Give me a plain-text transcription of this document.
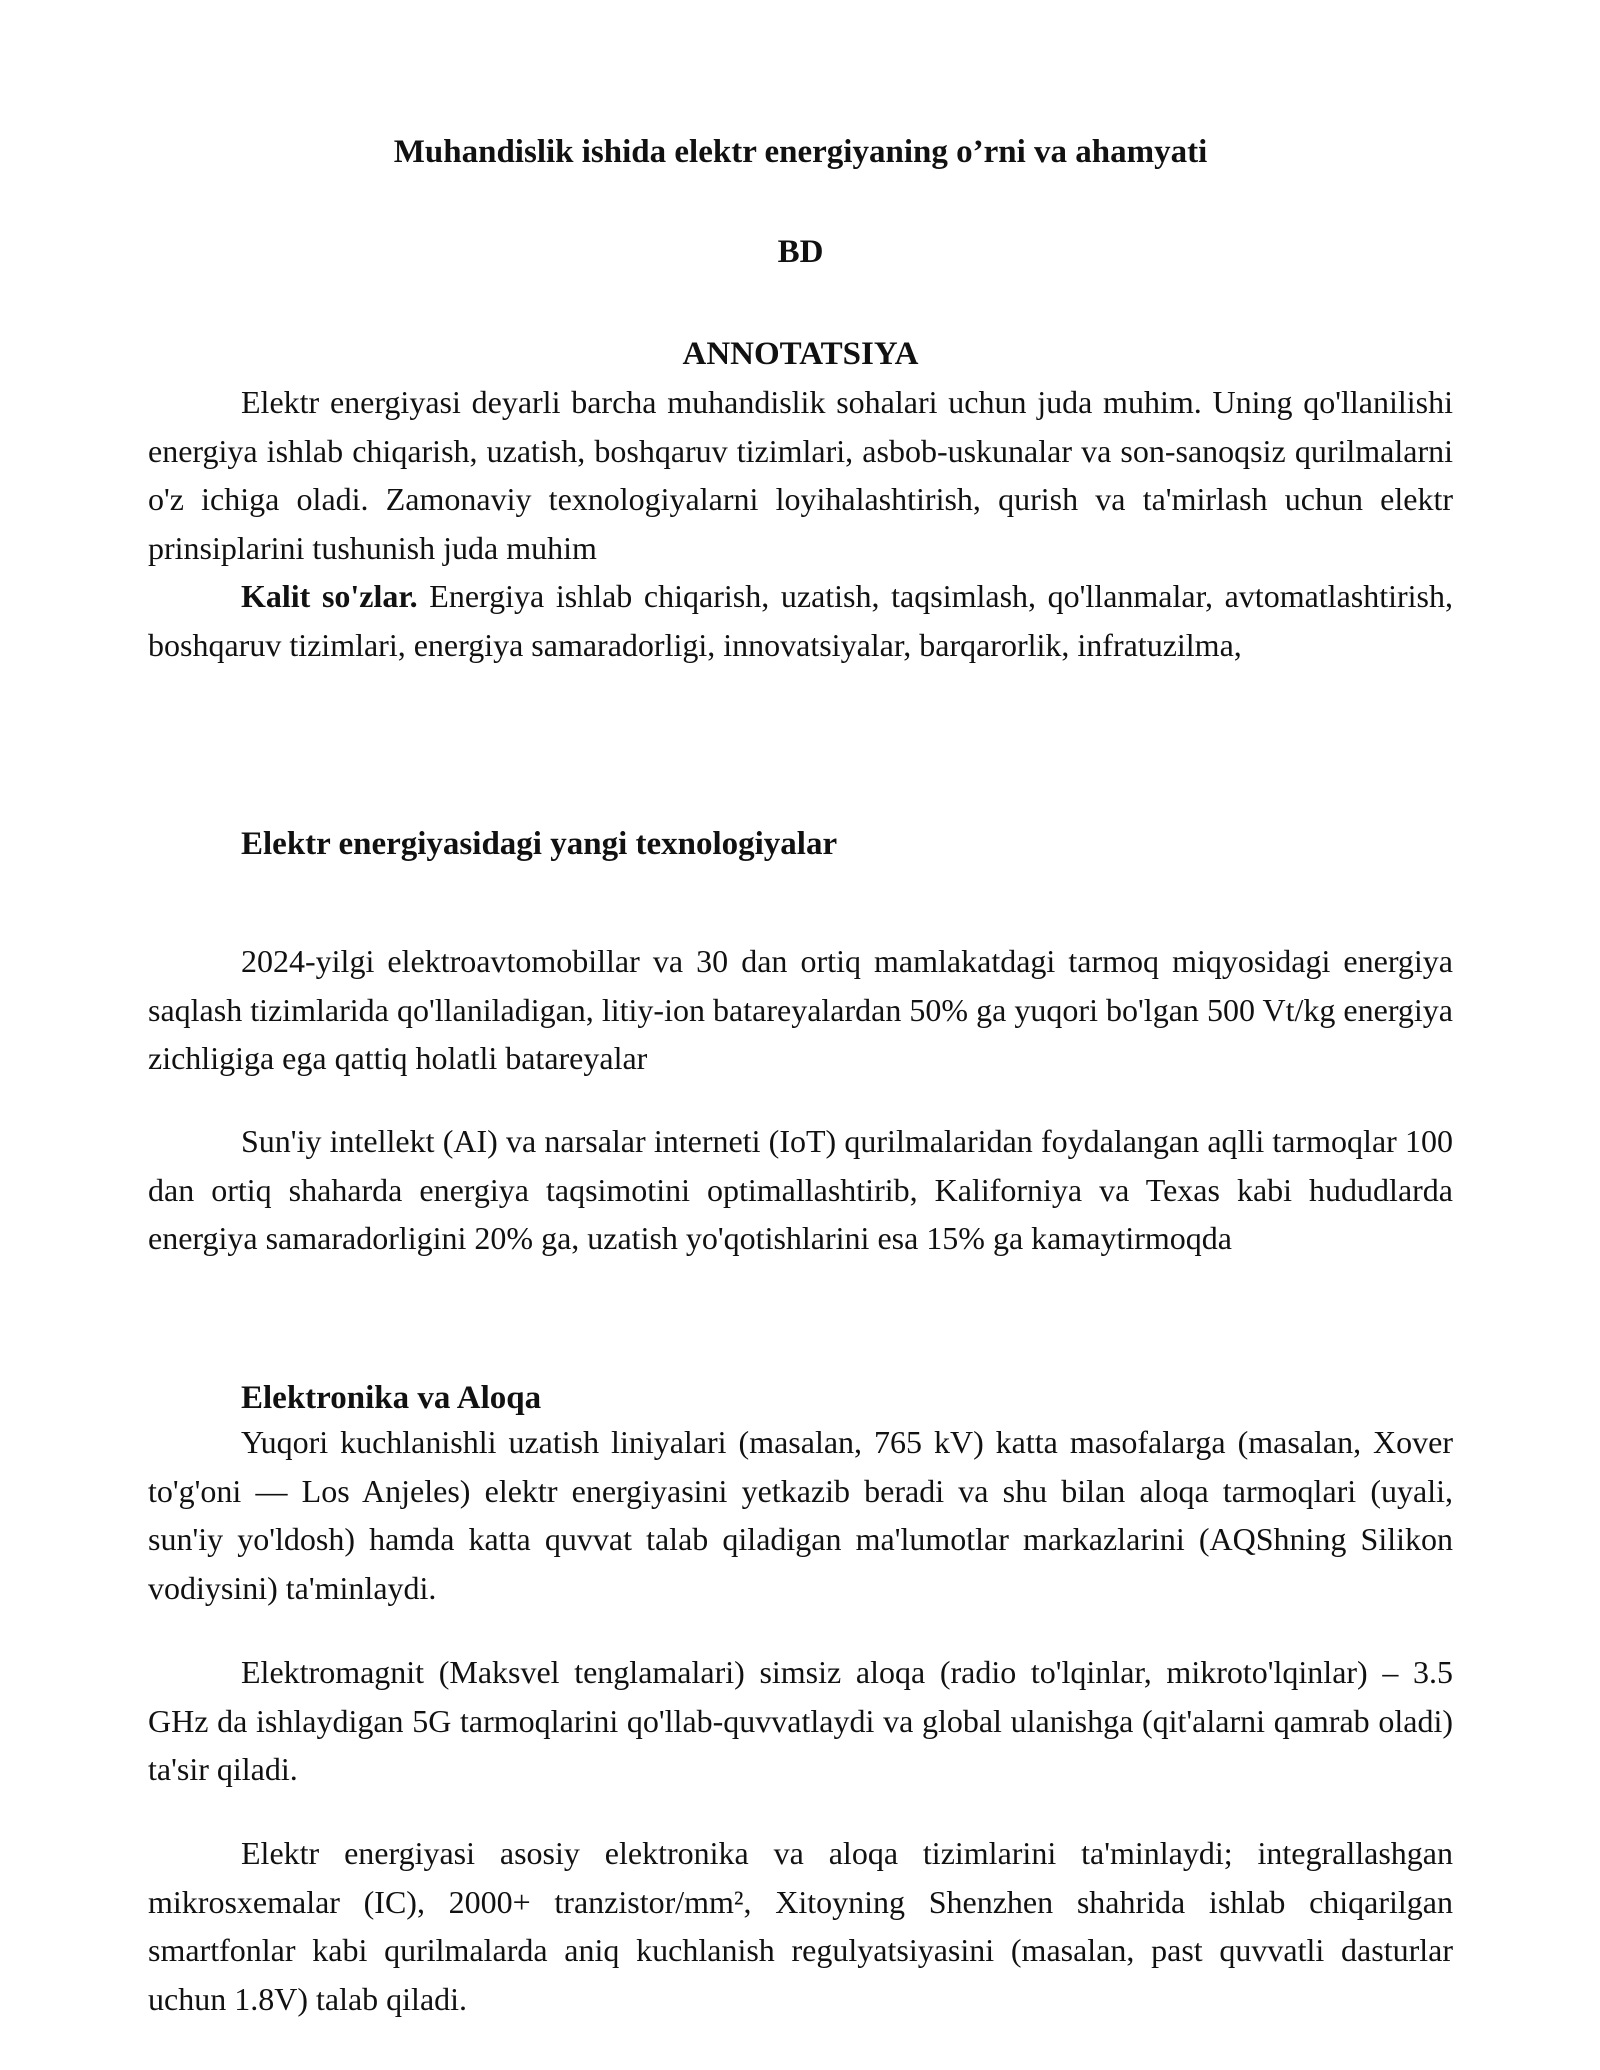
Muhandislik ishida elektr energiyaning o’rni va ahamyati
BD
ANNOTATSIYA

Elektr energiyasi deyarli barcha muhandislik sohalari uchun juda muhim. Uning qo'llanilishi energiya ishlab chiqarish, uzatish, boshqaruv tizimlari, asbob-uskunalar va son-sanoqsiz qurilmalarni o'z ichiga oladi. Zamonaviy texnologiyalarni loyihalashtirish, qurish va ta'mirlash uchun elektr prinsiplarini tushunish juda muhim

Kalit so'zlar. Energiya ishlab chiqarish, uzatish, taqsimlash, qo'llanmalar, avtomatlashtirish, boshqaruv tizimlari, energiya samaradorligi, innovatsiyalar, barqarorlik, infratuzilma,

Elektr energiyasidagi yangi texnologiyalar

2024-yilgi elektroavtomobillar va 30 dan ortiq mamlakatdagi tarmoq miqyosidagi energiya saqlash tizimlarida qo'llaniladigan, litiy-ion batareyalardan 50% ga yuqori bo'lgan 500 Vt/kg energiya zichligiga ega qattiq holatli batareyalar

Sun'iy intellekt (AI) va narsalar interneti (IoT) qurilmalaridan foydalangan aqlli tarmoqlar 100 dan ortiq shaharda energiya taqsimotini optimallashtirib, Kaliforniya va Texas kabi hududlarda energiya samaradorligini 20% ga, uzatish yo'qotishlarini esa 15% ga kamaytirmoqda

Elektronika va Aloqa

Yuqori kuchlanishli uzatish liniyalari (masalan, 765 kV) katta masofalarga (masalan, Xover to'g'oni — Los Anjeles) elektr energiyasini yetkazib beradi va shu bilan aloqa tarmoqlari (uyali, sun'iy yo'ldosh) hamda katta quvvat talab qiladigan ma'lumotlar markazlarini (AQShning Silikon vodiysini) ta'minlaydi.

Elektromagnit (Maksvel tenglamalari) simsiz aloqa (radio to'lqinlar, mikroto'lqinlar) – 3.5 GHz da ishlaydigan 5G tarmoqlarini qo'llab-quvvatlaydi va global ulanishga (qit'alarni qamrab oladi) ta'sir qiladi.

Elektr energiyasi asosiy elektronika va aloqa tizimlarini ta'minlaydi; integrallashgan mikrosxemalar (IC), 2000+ tranzistor/mm², Xitoyning Shenzhen shahrida ishlab chiqarilgan smartfonlar kabi qurilmalarda aniq kuchlanish regulyatsiyasini (masalan, past quvvatli dasturlar uchun 1.8V) talab qiladi.
